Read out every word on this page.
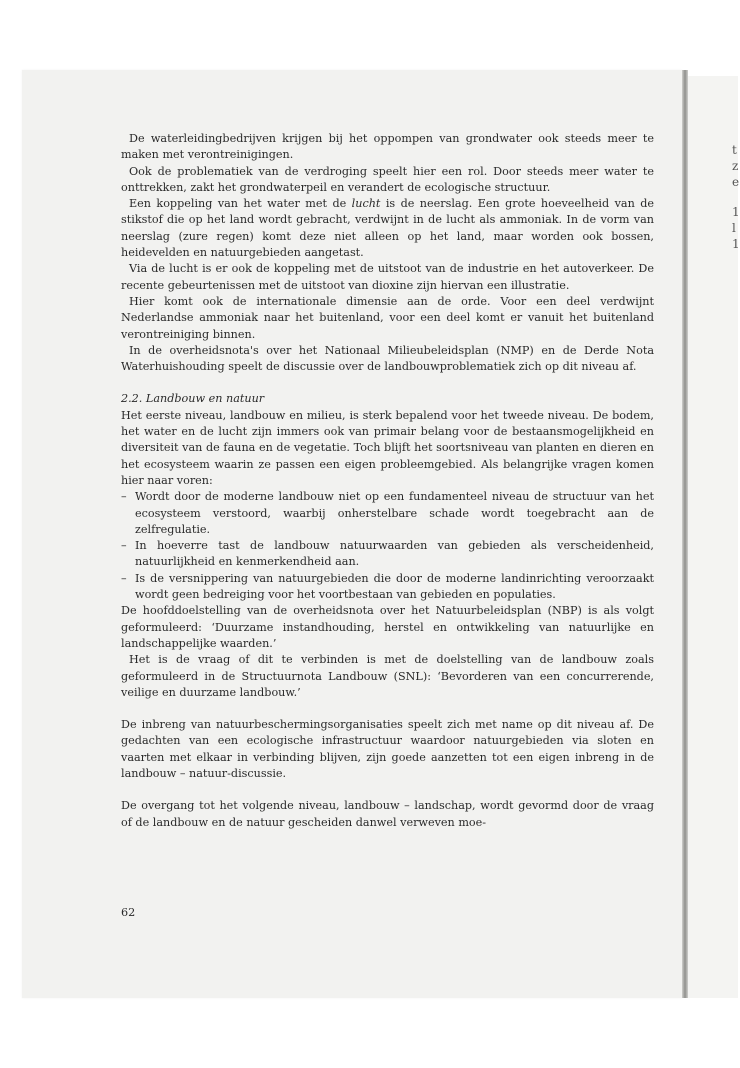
t
z
e
1
l
1

De waterleidingbedrijven krijgen bij het oppompen van grondwater ook steeds meer te maken met verontreinigingen.

Ook de problematiek van de verdroging speelt hier een rol. Door steeds meer water te onttrekken, zakt het grondwaterpeil en verandert de ecologische structuur.

Een koppeling van het water met de lucht is de neerslag. Een grote hoeveelheid van de stikstof die op het land wordt gebracht, verdwijnt in de lucht als ammoniak. In de vorm van neerslag (zure regen) komt deze niet alleen op het land, maar worden ook bossen, heidevelden en natuurgebieden aangetast.

Via de lucht is er ook de koppeling met de uitstoot van de industrie en het autoverkeer. De recente gebeurtenissen met de uitstoot van dioxine zijn hiervan een illustratie.

Hier komt ook de internationale dimensie aan de orde. Voor een deel verdwijnt Nederlandse ammoniak naar het buitenland, voor een deel komt er vanuit het buitenland verontreiniging binnen.

In de overheidsnota's over het Nationaal Milieubeleidsplan (NMP) en de Derde Nota Waterhuishouding speelt de discussie over de landbouwproblematiek zich op dit niveau af.

2.2. Landbouw en natuur

Het eerste niveau, landbouw en milieu, is sterk bepalend voor het tweede niveau. De bodem, het water en de lucht zijn immers ook van primair belang voor de bestaansmogelijkheid en diversiteit van de fauna en de vegetatie. Toch blijft het soortsniveau van planten en dieren en het ecosysteem waarin ze passen een eigen probleemgebied. Als belangrijke vragen komen hier naar voren:

– Wordt door de moderne landbouw niet op een fundamenteel niveau de structuur van het ecosysteem verstoord, waarbij onherstelbare schade wordt toegebracht aan de zelfregulatie.
– In hoeverre tast de landbouw natuurwaarden van gebieden als verscheidenheid, natuurlijkheid en kenmerkendheid aan.
– Is de versnippering van natuurgebieden die door de moderne landinrichting veroorzaakt wordt geen bedreiging voor het voortbestaan van gebieden en populaties.

De hoofddoelstelling van de overheidsnota over het Natuurbeleidsplan (NBP) is als volgt geformuleerd: ‘Duurzame instandhouding, herstel en ontwikkeling van natuurlijke en landschappelijke waarden.’

Het is de vraag of dit te verbinden is met de doelstelling van de landbouw zoals geformuleerd in de Structuurnota Landbouw (SNL): ‘Bevorderen van een concurrerende, veilige en duurzame landbouw.’

De inbreng van natuurbeschermingsorganisaties speelt zich met name op dit niveau af. De gedachten van een ecologische infrastructuur waardoor natuurgebieden via sloten en vaarten met elkaar in verbinding blijven, zijn goede aanzetten tot een eigen inbreng in de landbouw – natuur-discussie.

De overgang tot het volgende niveau, landbouw – landschap, wordt gevormd door de vraag of de landbouw en de natuur gescheiden danwel verweven moe-

62
